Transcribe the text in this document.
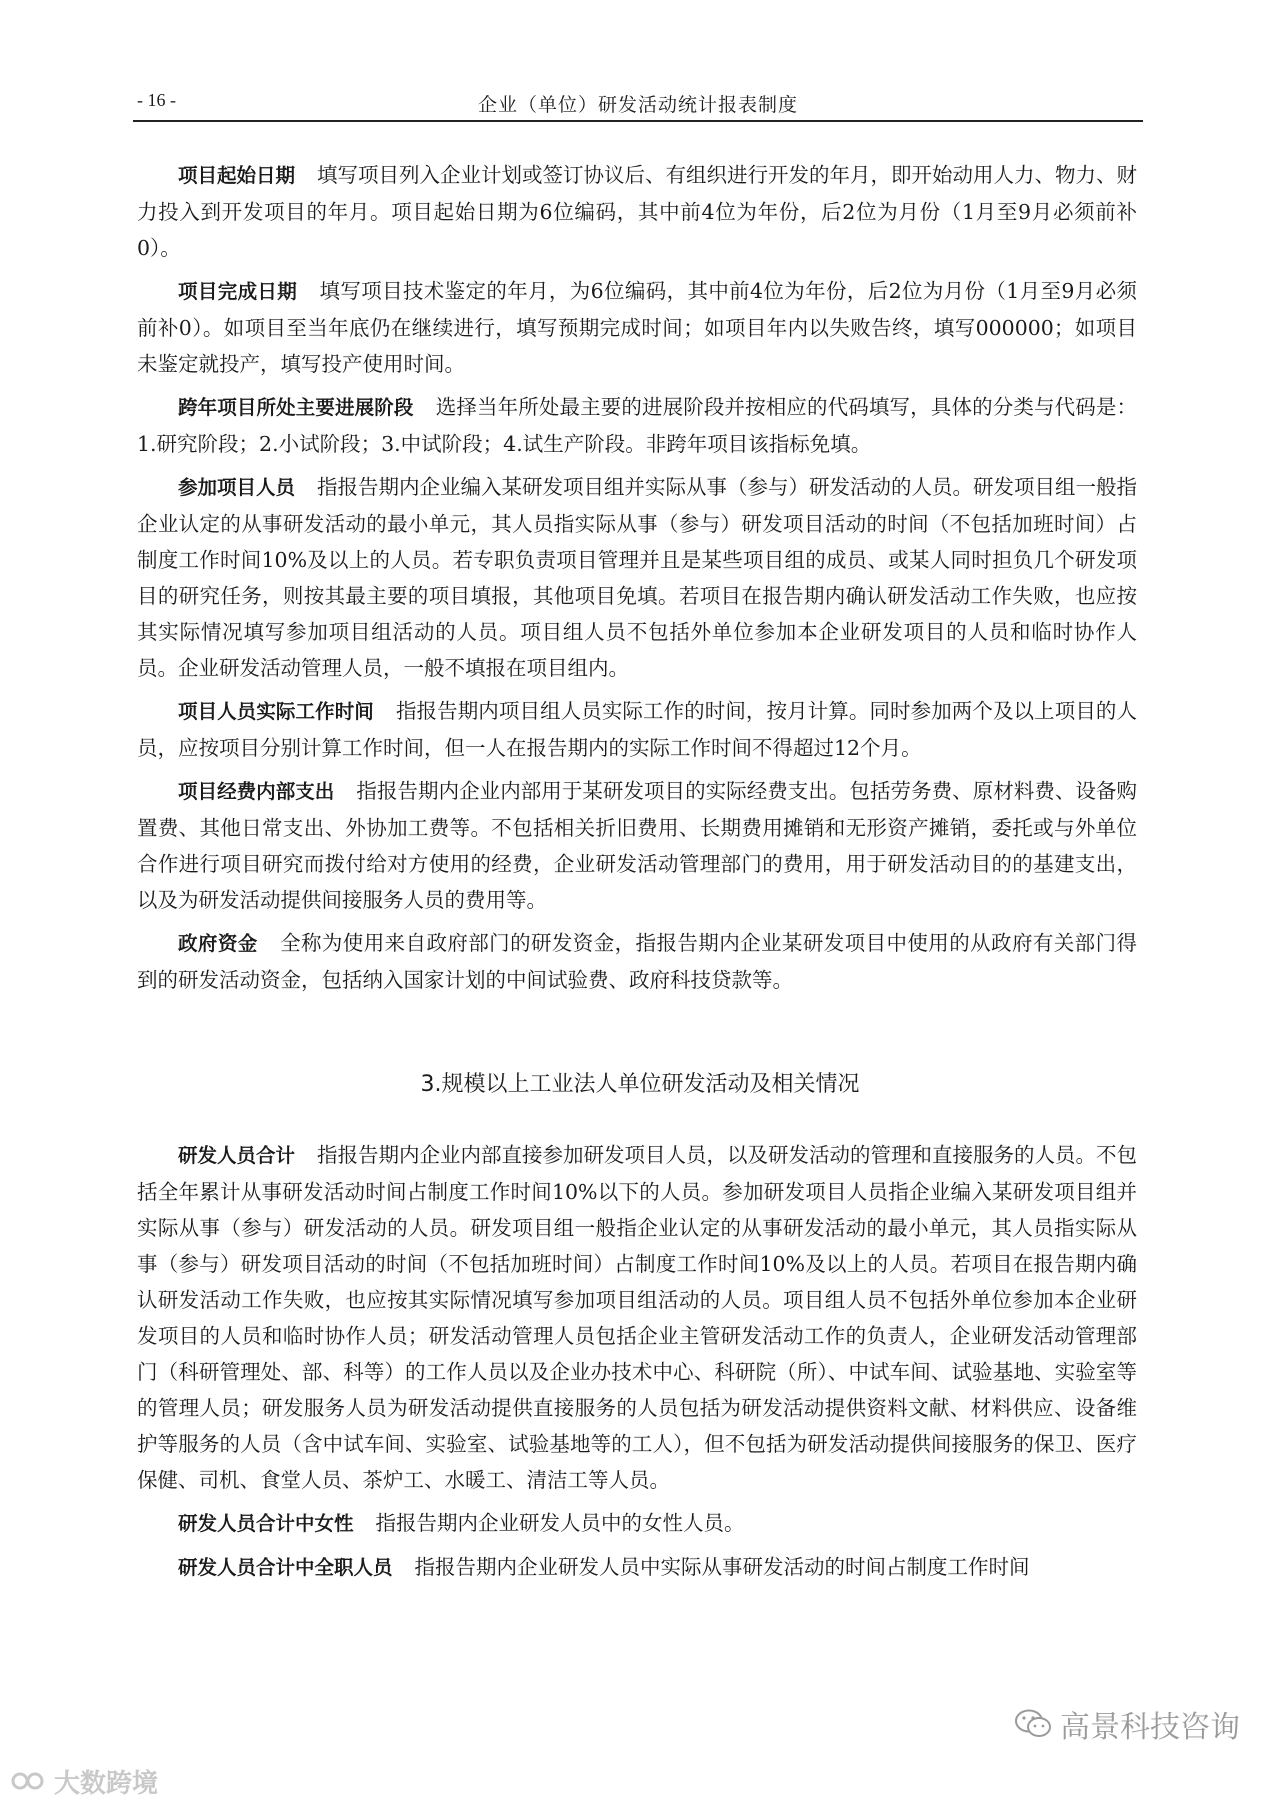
- 16 -	企业（单位）研发活动统计报表制度

项目起始日期 填写项目列入企业计划或签订协议后、有组织进行开发的年月，即开始动用人力、物力、财力投入到开发项目的年月。项目起始日期为6位编码，其中前4位为年份，后2位为月份（1月至9月必须前补0）。

项目完成日期 填写项目技术鉴定的年月，为6位编码，其中前4位为年份，后2位为月份（1月至9月必须前补0）。如项目至当年底仍在继续进行，填写预期完成时间；如项目年内以失败告终，填写000000；如项目未鉴定就投产，填写投产使用时间。

跨年项目所处主要进展阶段 选择当年所处最主要的进展阶段并按相应的代码填写，具体的分类与代码是：1.研究阶段；2.小试阶段；3.中试阶段；4.试生产阶段。非跨年项目该指标免填。

参加项目人员 指报告期内企业编入某研发项目组并实际从事（参与）研发活动的人员。研发项目组一般指企业认定的从事研发活动的最小单元，其人员指实际从事（参与）研发项目活动的时间（不包括加班时间）占制度工作时间10%及以上的人员。若专职负责项目管理并且是某些项目组的成员、或某人同时担负几个研发项目的研究任务，则按其最主要的项目填报，其他项目免填。若项目在报告期内确认研发活动工作失败，也应按其实际情况填写参加项目组活动的人员。项目组人员不包括外单位参加本企业研发项目的人员和临时协作人员。企业研发活动管理人员，一般不填报在项目组内。

项目人员实际工作时间 指报告期内项目组人员实际工作的时间，按月计算。同时参加两个及以上项目的人员，应按项目分别计算工作时间，但一人在报告期内的实际工作时间不得超过12个月。

项目经费内部支出 指报告期内企业内部用于某研发项目的实际经费支出。包括劳务费、原材料费、设备购置费、其他日常支出、外协加工费等。不包括相关折旧费用、长期费用摊销和无形资产摊销，委托或与外单位合作进行项目研究而拨付给对方使用的经费，企业研发活动管理部门的费用，用于研发活动目的的基建支出，以及为研发活动提供间接服务人员的费用等。

政府资金 全称为使用来自政府部门的研发资金，指报告期内企业某研发项目中使用的从政府有关部门得到的研发活动资金，包括纳入国家计划的中间试验费、政府科技贷款等。

3.规模以上工业法人单位研发活动及相关情况

研发人员合计 指报告期内企业内部直接参加研发项目人员，以及研发活动的管理和直接服务的人员。不包括全年累计从事研发活动时间占制度工作时间10%以下的人员。参加研发项目人员指企业编入某研发项目组并实际从事（参与）研发活动的人员。研发项目组一般指企业认定的从事研发活动的最小单元，其人员指实际从事（参与）研发项目活动的时间（不包括加班时间）占制度工作时间10%及以上的人员。若项目在报告期内确认研发活动工作失败，也应按其实际情况填写参加项目组活动的人员。项目组人员不包括外单位参加本企业研发项目的人员和临时协作人员；研发活动管理人员包括企业主管研发活动工作的负责人，企业研发活动管理部门（科研管理处、部、科等）的工作人员以及企业办技术中心、科研院（所）、中试车间、试验基地、实验室等的管理人员；研发服务人员为研发活动提供直接服务的人员包括为研发活动提供资料文献、材料供应、设备维护等服务的人员（含中试车间、实验室、试验基地等的工人），但不包括为研发活动提供间接服务的保卫、医疗保健、司机、食堂人员、茶炉工、水暖工、清洁工等人员。

研发人员合计中女性 指报告期内企业研发人员中的女性人员。

研发人员合计中全职人员 指报告期内企业研发人员中实际从事研发活动的时间占制度工作时间

高景科技咨询
大数跨境
